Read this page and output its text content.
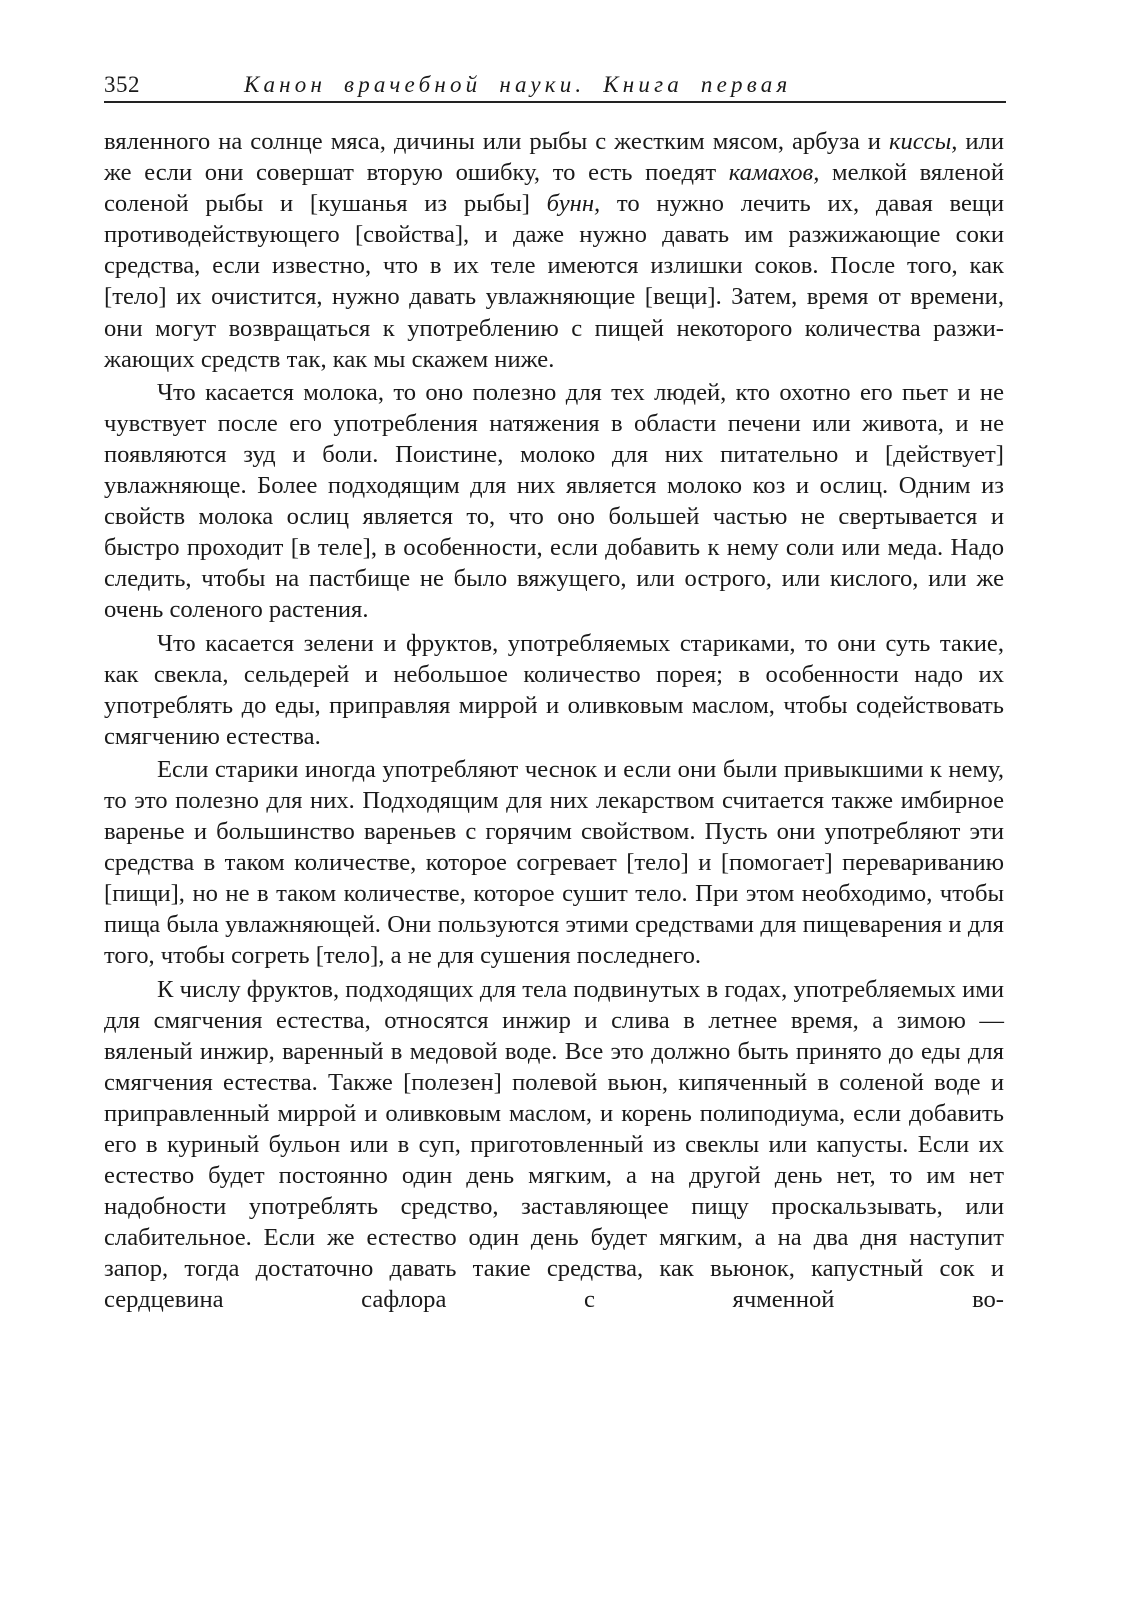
352	Канон врачебной науки. Книга первая

вяленного на солнце мяса, дичины или рыбы с жестким мясом, арбуза и киссы, или же если они совершат вторую ошибку, то есть поедят камахов, мелкой вяленой соленой рыбы и [кушанья из рыбы] бунн, то нужно лечить их, давая вещи противодействующего [свойства], и даже нужно давать им разжижающие соки средства, если известно, что в их теле имеются излишки соков. После того, как [тело] их очистится, нужно давать увлажняющие [вещи]. Затем, время от времени, они могут возвращаться к употреблению с пищей некоторого количества разжижающих средств так, как мы скажем ниже.

Что касается молока, то оно полезно для тех людей, кто охотно его пьет и не чувствует после его употребления натяжения в области печени или живота, и не появляются зуд и боли. Поистине, молоко для них питательно и [действует] увлажняюще. Более подходящим для них является молоко коз и ослиц. Одним из свойств молока ослиц является то, что оно большей частью не свертывается и быстро проходит [в теле], в особенности, если добавить к нему соли или меда. Надо следить, чтобы на пастбище не было вяжущего, или острого, или кислого, или же очень соленого растения.

Что касается зелени и фруктов, употребляемых стариками, то они суть такие, как свекла, сельдерей и небольшое количество порея; в особенности надо их употреблять до еды, приправляя миррой и оливковым маслом, чтобы содействовать смягчению естества.

Если старики иногда употребляют чеснок и если они были привыкшими к нему, то это полезно для них. Подходящим для них лекарством считается также имбирное варенье и большинство вареньев с горячим свойством. Пусть они употребляют эти средства в таком количестве, которое согревает [тело] и [помогает] перевариванию [пищи], но не в таком количестве, которое сушит тело. При этом необходимо, чтобы пища была увлажняющей. Они пользуются этими средствами для пищеварения и для того, чтобы согреть [тело], а не для сушения последнего.

К числу фруктов, подходящих для тела подвинутых в годах, употребляемых ими для смягчения естества, относятся инжир и слива в летнее время, а зимою — вяленый инжир, варенный в медовой воде. Все это должно быть принято до еды для смягчения естества. Также [полезен] полевой вьюн, кипяченный в соленой воде и приправленный миррой и оливковым маслом, и корень полиподиума, если добавить его в куриный бульон или в суп, приготовленный из свеклы или капусты. Если их естество будет постоянно один день мягким, а на другой день нет, то им нет надобности употреблять средство, заставляющее пищу проскальзывать, или слабительное. Если же естество один день будет мягким, а на два дня наступит запор, тогда достаточно давать такие средства, как вьюнок, капустный сок и сердцевина сафлора с ячменной во-
